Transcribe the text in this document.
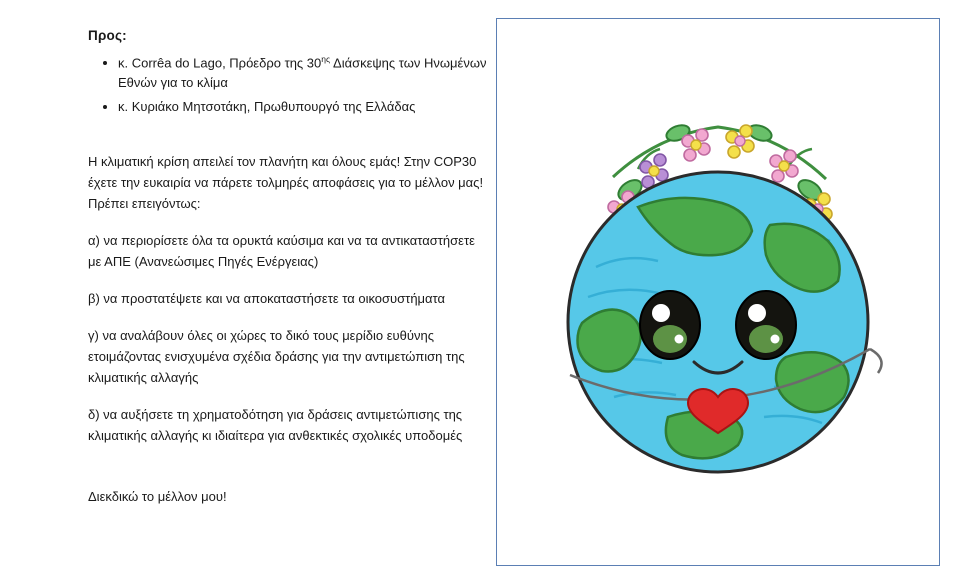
Προς:

• κ. Corrêa do Lago, Πρόεδρο της $30^{\eta\varsigma}$ Διάσκεψης των Ηνωμένων Εθνών για το κλίμα
• κ. Κυριάκο Μητσοτάκη, Πρωθυπουργό της Ελλάδας

Η κλιματική κρίση απειλεί τον πλανήτη και όλους εμάς! Στην COP30 έχετε την ευκαιρία να πάρετε τολμηρές αποφάσεις για το μέλλον μας! Πρέπει επειγόντως:

α) να περιορίσετε όλα τα ορυκτά καύσιμα και να τα αντικαταστήσετε με ΑΠΕ (Ανανεώσιμες Πηγές Ενέργειας)

β) να προστατέψετε και να αποκαταστήσετε τα οικοσυστήματα

γ) να αναλάβουν όλες οι χώρες το δικό τους μερίδιο ευθύνης ετοιμάζοντας ενισχυμένα σχέδια δράσης για την αντιμετώπιση της κλιματικής αλλαγής

δ) να αυξήσετε τη χρηματοδότηση για δράσεις αντιμετώπισης της κλιματικής αλλαγής κι ιδιαίτερα για ανθεκτικές σχολικές υποδομές

Διεκδικώ το μέλλον μου!
